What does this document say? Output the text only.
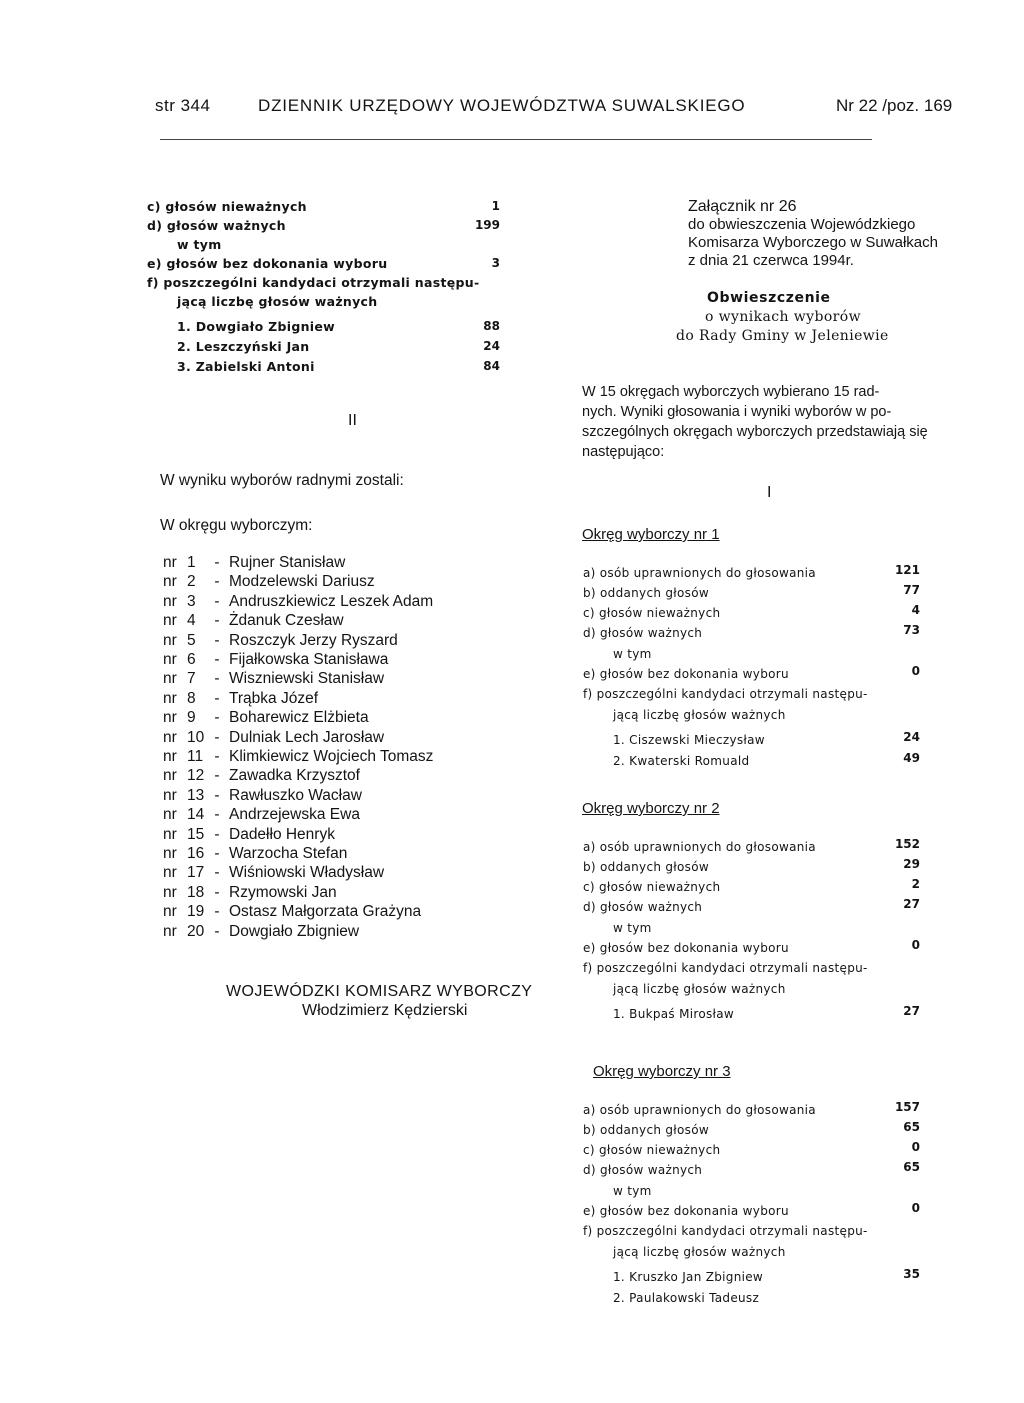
str 344	DZIENNIK URZĘDOWY WOJEWÓDZTWA SUWALSKIEGO	Nr 22 /poz. 169
c) głosów nieważnych	1
d) głosów ważnych	199
w tym
e) głosów bez dokonania wyboru	3
f) poszczególni kandydaci otrzymali następu-
jącą liczbę głosów ważnych
1. Dowgiało Zbigniew	88
2. Leszczyński Jan	24
3. Zabielski Antoni	84
II
W wyniku wyborów radnymi zostali:
W okręgu wyborczym:
nr 1 - Rujner Stanisław
nr 2 - Modzelewski Dariusz
nr 3 - Andruszkiewicz Leszek Adam
nr 4 - Żdanuk Czesław
nr 5 - Roszczyk Jerzy Ryszard
nr 6 - Fijałkowska Stanisława
nr 7 - Wiszniewski Stanisław
nr 8 - Trąbka Józef
nr 9 - Boharewicz Elżbieta
nr 10 - Dulniak Lech Jarosław
nr 11 - Klimkiewicz Wojciech Tomasz
nr 12 - Zawadka Krzysztof
nr 13 - Rawłuszko Wacław
nr 14 - Andrzejewska Ewa
nr 15 - Dadełło Henryk
nr 16 - Warzocha Stefan
nr 17 - Wiśniowski Władysław
nr 18 - Rzymowski Jan
nr 19 - Ostasz Małgorzata Grażyna
nr 20 - Dowgiało Zbigniew
WOJEWÓDZKI KOMISARZ WYBORCZY
Włodzimierz Kędzierski
Załącznik nr 26
do obwieszczenia Wojewódzkiego
Komisarza Wyborczego w Suwałkach
z dnia 21 czerwca 1994r.
Obwieszczenie
o wynikach wyborów
do Rady Gminy w Jeleniewie
W 15 okręgach wyborczych wybierano 15 rad-
nych. Wyniki głosowania i wyniki wyborów w po-
szczególnych okręgach wyborczych przedstawiają się
następująco:
I
Okręg wyborczy nr 1
a) osób uprawnionych do głosowania	121
b) oddanych głosów	77
c) głosów nieważnych	4
d) głosów ważnych	73
w tym
e) głosów bez dokonania wyboru	0
f) poszczególni kandydaci otrzymali następu-
jącą liczbę głosów ważnych
1. Ciszewski Mieczysław	24
2. Kwaterski Romuald	49
Okręg wyborczy nr 2
a) osób uprawnionych do głosowania	152
b) oddanych głosów	29
c) głosów nieważnych	2
d) głosów ważnych	27
w tym
e) głosów bez dokonania wyboru	0
f) poszczególni kandydaci otrzymali następu-
jącą liczbę głosów ważnych
1. Bukpaś Mirosław	27
Okręg wyborczy nr 3
a) osób uprawnionych do głosowania	157
b) oddanych głosów	65
c) głosów nieważnych	0
d) głosów ważnych	65
w tym
e) głosów bez dokonania wyboru	0
f) poszczególni kandydaci otrzymali następu-
jącą liczbę głosów ważnych
1. Kruszko Jan Zbigniew	35
2. Paulakowski Tadeusz
